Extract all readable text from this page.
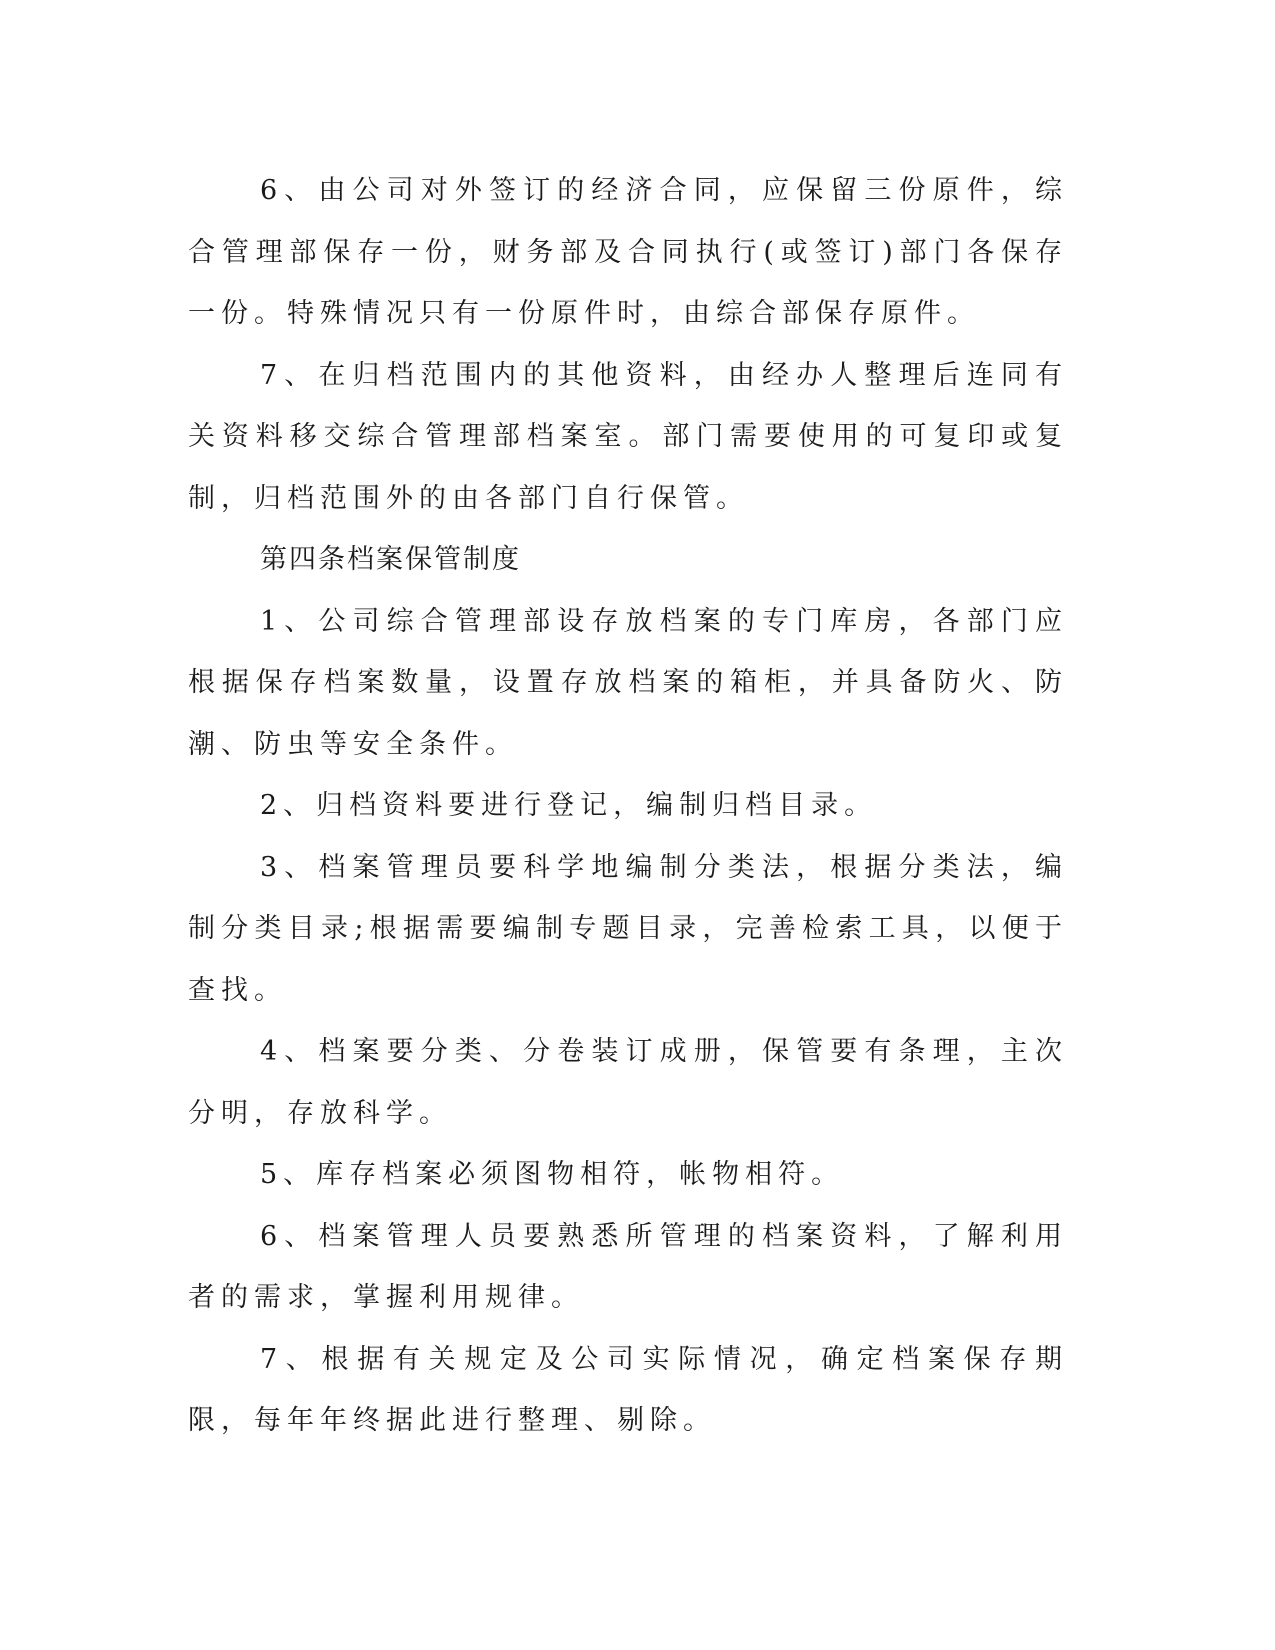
6、由公司对外签订的经济合同，应保留三份原件，综合管理部保存一份，财务部及合同执行(或签订)部门各保存一份。特殊情况只有一份原件时，由综合部保存原件。

7、在归档范围内的其他资料，由经办人整理后连同有关资料移交综合管理部档案室。部门需要使用的可复印或复制，归档范围外的由各部门自行保管。

第四条档案保管制度

1、公司综合管理部设存放档案的专门库房，各部门应根据保存档案数量，设置存放档案的箱柜，并具备防火、防潮、防虫等安全条件。

2、归档资料要进行登记，编制归档目录。

3、档案管理员要科学地编制分类法，根据分类法，编制分类目录;根据需要编制专题目录，完善检索工具，以便于查找。

4、档案要分类、分卷装订成册，保管要有条理，主次分明，存放科学。

5、库存档案必须图物相符，帐物相符。

6、档案管理人员要熟悉所管理的档案资料，了解利用者的需求，掌握利用规律。

7、根据有关规定及公司实际情况，确定档案保存期限，每年年终据此进行整理、剔除。
